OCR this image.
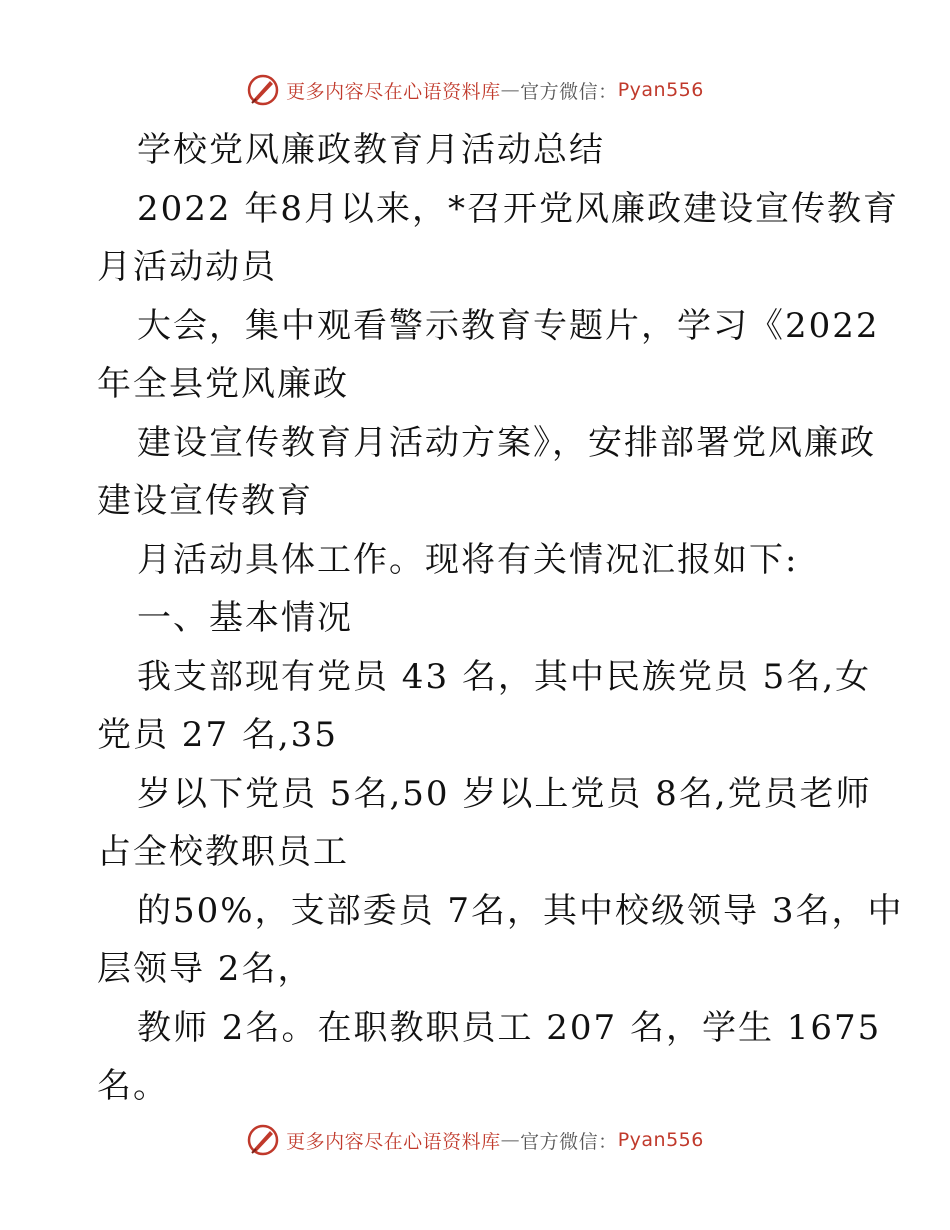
更多内容尽在心语资料库 — 官方微信： Pyan556
学校党风廉政教育月活动总结
2022 年8月以来，*召开党风廉政建设宣传教育
月活动动员
大会，集中观看警示教育专题片，学习《2022
年全县党风廉政
建设宣传教育月活动方案》，安排部署党风廉政
建设宣传教育
月活动具体工作。现将有关情况汇报如下:
一、基本情况
我支部现有党员 43 名，其中民族党员 5名,女
党员 27 名,35
岁以下党员 5名,50 岁以上党员 8名,党员老师
占全校教职员工
的50%，支部委员 7名，其中校级领导 3名，中
层领导 2名，
教师 2名。在职教职员工 207 名，学生 1675
名。
更多内容尽在心语资料库 — 官方微信： Pyan556
